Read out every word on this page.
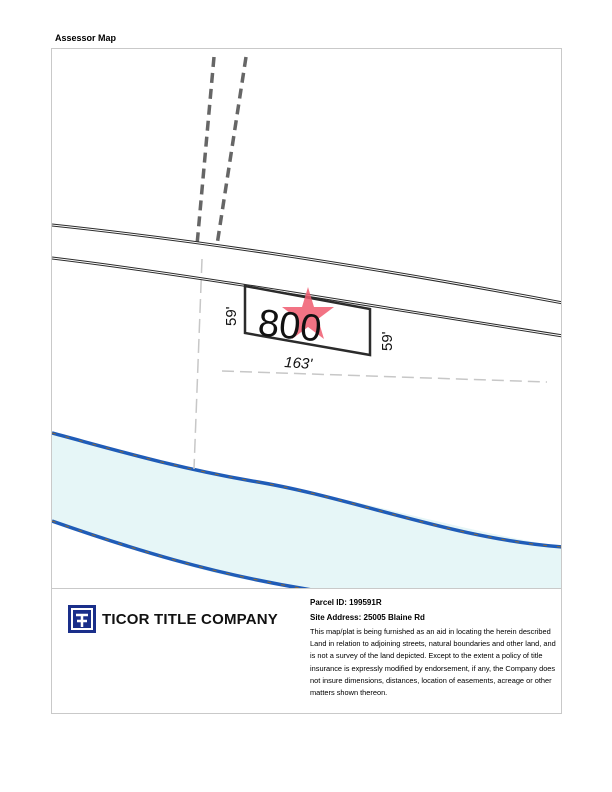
Assessor Map
800
59'
59'
163'
TICOR TITLE COMPANY
Parcel ID: 199591R
Site Address: 25005 Blaine Rd
This map/plat is being furnished as an aid in locating the herein described Land in relation to adjoining streets, natural boundaries and other land, and is not a survey of the land depicted. Except to the extent a policy of title insurance is expressly modified by endorsement, if any, the Company does not insure dimensions, distances, location of easements, acreage or other matters shown thereon.
